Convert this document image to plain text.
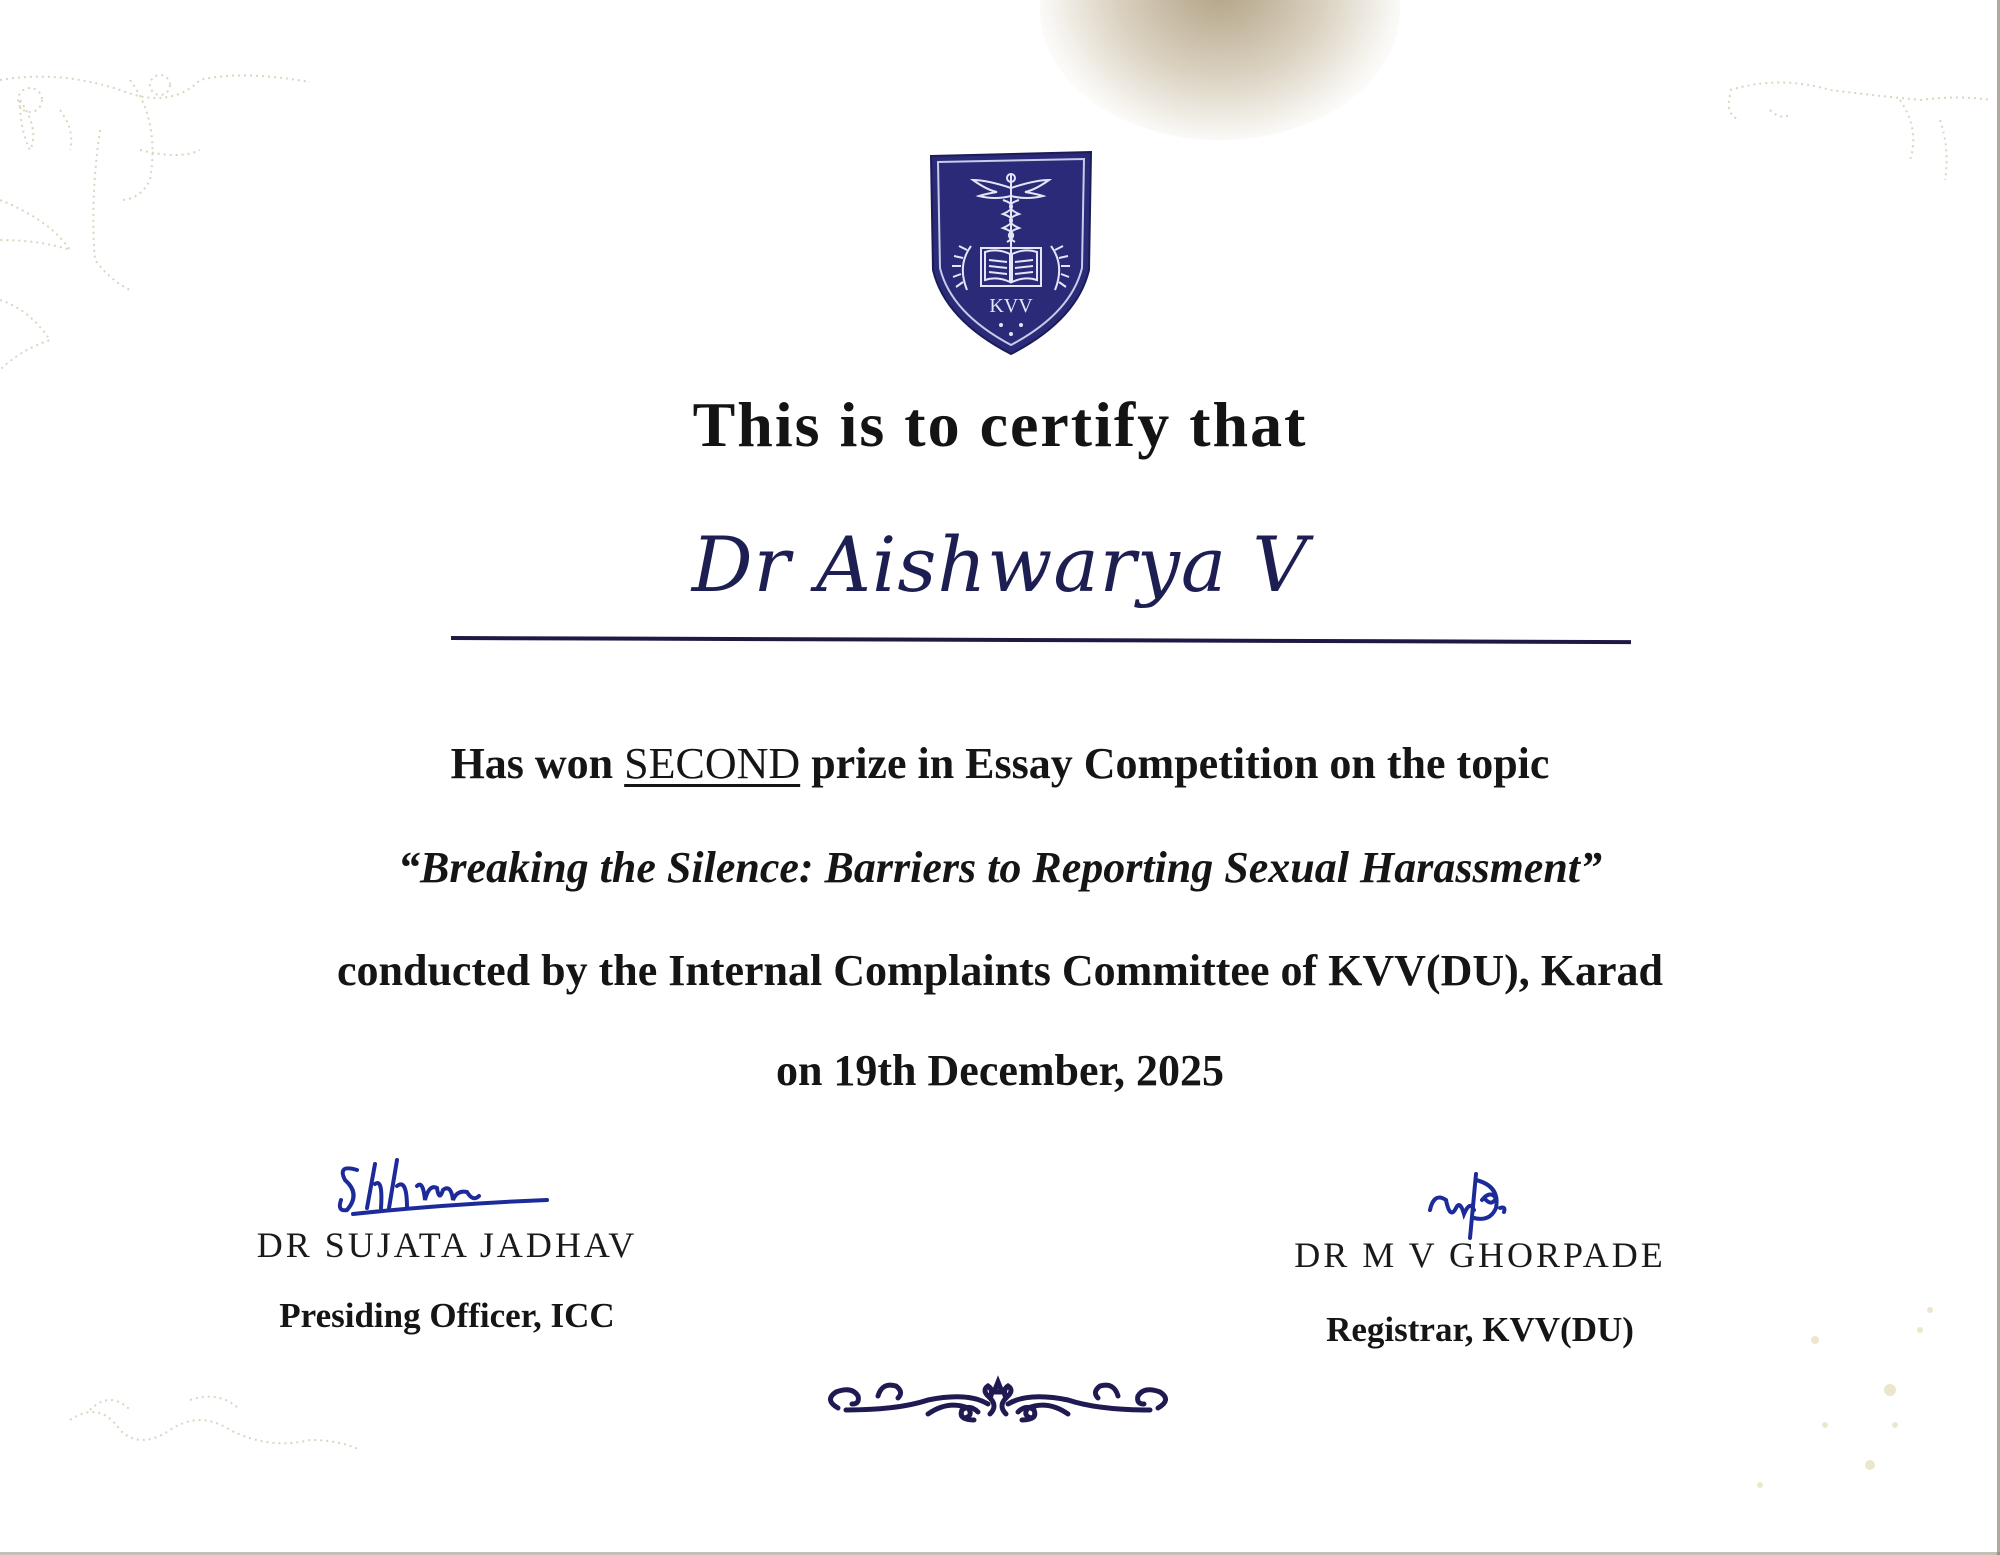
KVV
This is to certify that
Dr Aishwarya V
Has won SECOND prize in Essay Competition on the topic
“Breaking the Silence: Barriers to Reporting Sexual Harassment”
conducted by the Internal Complaints Committee of KVV(DU), Karad
on 19th December, 2025
DR SUJATA JADHAV
Presiding Officer, ICC
DR M V GHORPADE
Registrar, KVV(DU)
